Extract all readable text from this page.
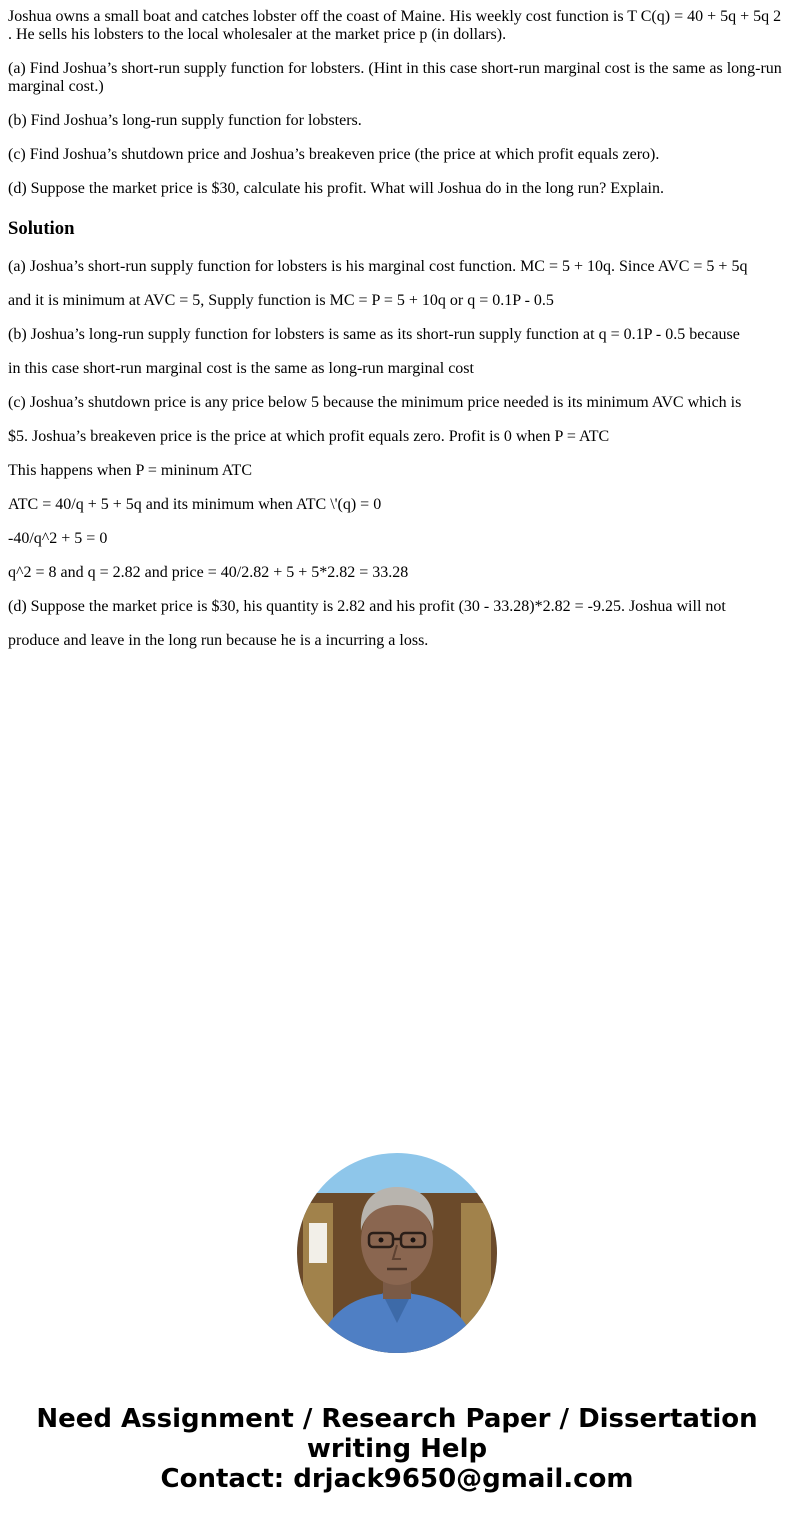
Joshua owns a small boat and catches lobster off the coast of Maine. His weekly cost function is T C(q) = 40 + 5q + 5q 2 . He sells his lobsters to the local wholesaler at the market price p (in dollars).

(a) Find Joshua’s short-run supply function for lobsters. (Hint in this case short-run marginal cost is the same as long-run marginal cost.)

(b) Find Joshua’s long-run supply function for lobsters.

(c) Find Joshua’s shutdown price and Joshua’s breakeven price (the price at which profit equals zero).

(d) Suppose the market price is $30, calculate his profit. What will Joshua do in the long run? Explain.

Solution

(a) Joshua’s short-run supply function for lobsters is his marginal cost function. MC = 5 + 10q. Since AVC = 5 + 5q

and it is minimum at AVC = 5, Supply function is MC = P = 5 + 10q or q = 0.1P - 0.5

(b) Joshua’s long-run supply function for lobsters is same as its short-run supply function at q = 0.1P - 0.5 because

in this case short-run marginal cost is the same as long-run marginal cost

(c) Joshua’s shutdown price is any price below 5 because the minimum price needed is its minimum AVC which is

$5. Joshua’s breakeven price is the price at which profit equals zero. Profit is 0 when P = ATC

This happens when P = mininum ATC

ATC = 40/q + 5 + 5q and its minimum when ATC \'(q) = 0

-40/q^2 + 5 = 0

q^2 = 8 and q = 2.82 and price = 40/2.82 + 5 + 5*2.82 = 33.28

(d) Suppose the market price is $30, his quantity is 2.82 and his profit (30 - 33.28)*2.82 = -9.25. Joshua will not

produce and leave in the long run because he is a incurring a loss.

Need Assignment / Research Paper / Dissertation
writing Help
Contact: drjack9650@gmail.com
